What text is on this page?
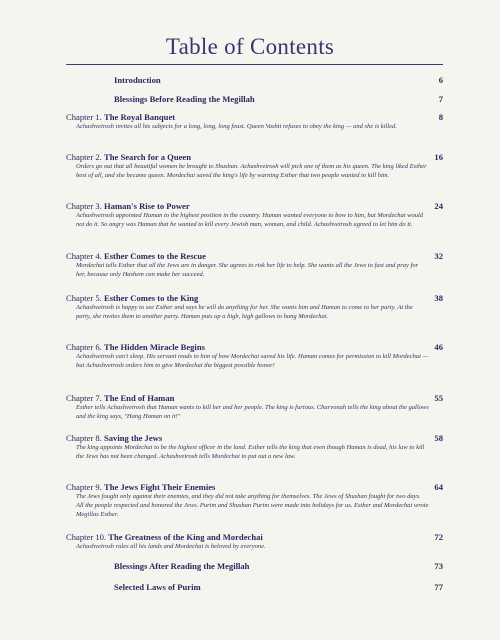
Table of Contents
Introduction	6
Blessings Before Reading the Megillah	7
Chapter 1. The Royal Banquet	8

Achashveirosh invites all his subjects for a long, long, long feast. Queen Vashti refuses to obey the king — and she is killed.

Chapter 2. The Search for a Queen	16

Orders go out that all beautiful women be brought to Shushan. Achashveirosh will pick one of them as his queen. The king liked Esther best of all, and she became queen. Mordechai saved the king's life by warning Esther that two people wanted to kill him.

Chapter 3. Haman's Rise to Power	24

Achashveirosh appointed Haman to the highest position in the country. Haman wanted everyone to bow to him, but Mordechai would not do it. So angry was Haman that he wanted to kill every Jewish man, woman, and child. Achashveirosh agreed to let him do it.

Chapter 4. Esther Comes to the Rescue	32

Mordechai tells Esther that all the Jews are in danger. She agrees to risk her life to help. She wants all the Jews to fast and pray for her, because only Hashem can make her succeed.

Chapter 5. Esther Comes to the King	38

Achashveirosh is happy to see Esther and says he will do anything for her. She wants him and Haman to come to her party. At the party, she invites them to another party. Haman puts up a high, high gallows to hang Mordechai.

Chapter 6. The Hidden Miracle Begins	46

Achashveirosh can't sleep. His servant reads to him of how Mordechai saved his life. Haman comes for permission to kill Mordechai — but Achashveirosh orders him to give Mordechai the biggest possible honor!

Chapter 7. The End of Haman	55

Esther tells Achashveirosh that Haman wants to kill her and her people. The king is furious. Charvonah tells the king about the gallows and the king says, "Hang Haman on it!"

Chapter 8. Saving the Jews	58

The king appoints Mordechai to be the highest officer in the land. Esther tells the king that even though Haman is dead, his law to kill the Jews has not been changed. Achashveirosh tells Mordechai to put out a new law.

Chapter 9. The Jews Fight Their Enemies	64

The Jews fought only against their enemies, and they did not take anything for themselves. The Jews of Shushan fought for two days. All the people respected and honored the Jews. Purim and Shushan Purim were made into holidays for us. Esther and Mordechai wrote Megillas Esther.

Chapter 10. The Greatness of the King and Mordechai	72

Achashveirosh rules all his lands and Mordechai is beloved by everyone.

Blessings After Reading the Megillah	73
Selected Laws of Purim	77
